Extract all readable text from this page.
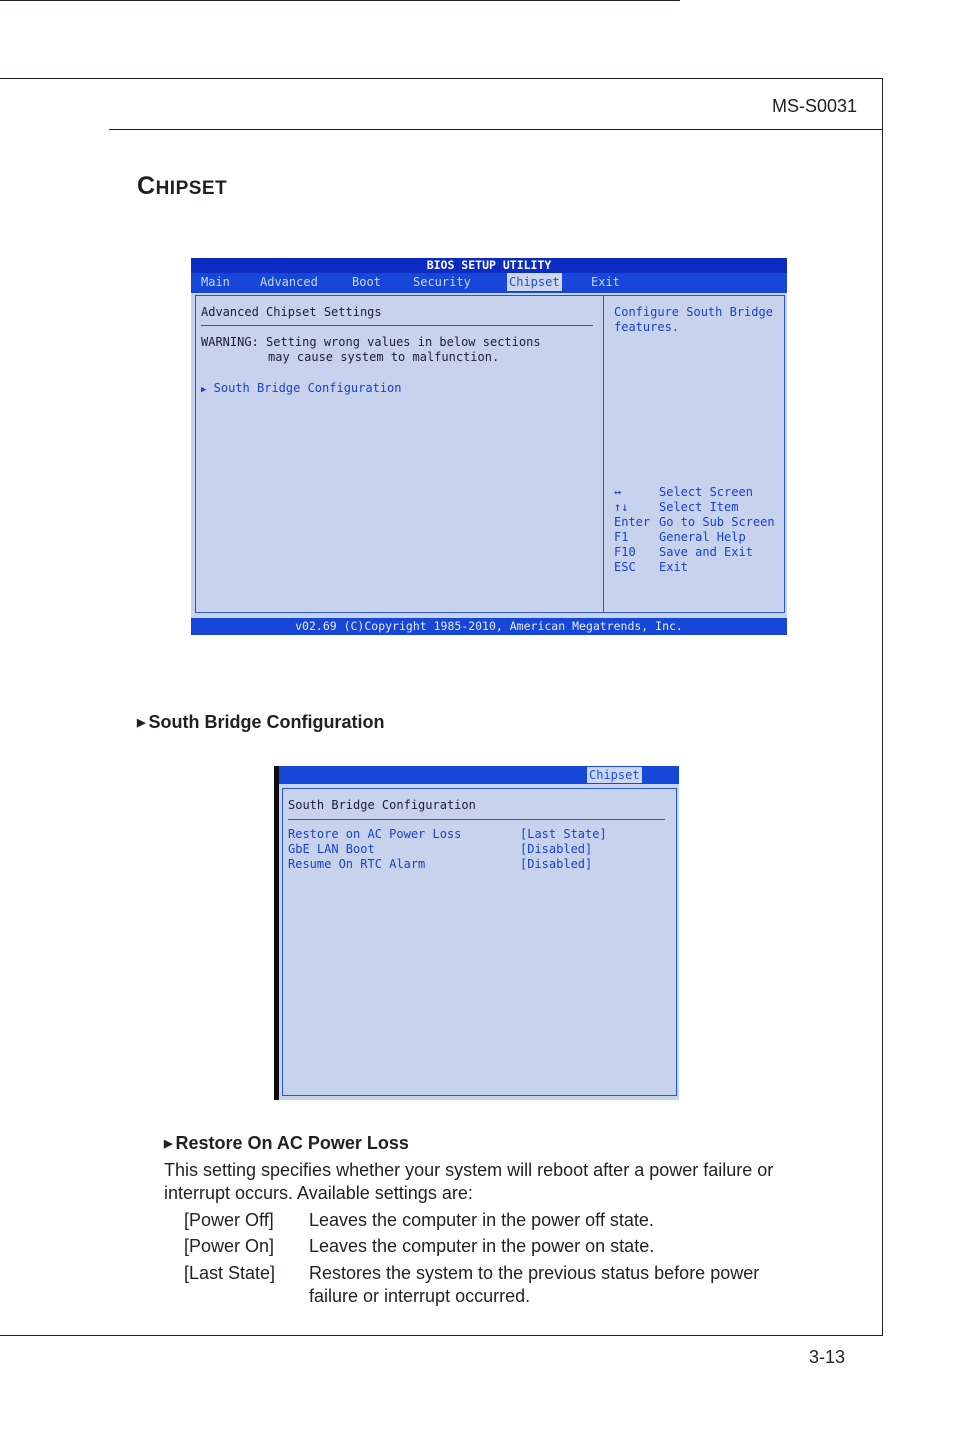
MS-S0031
CHIPSET
BIOS SETUP UTILITY
Main	Advanced	Boot	Security	Chipset	Exit
Advanced Chipset Settings
WARNING: Setting wrong values in below sections
may cause system to malfunction.
▶ South Bridge Configuration
Configure South Bridge
features.
↔	Select Screen
↑↓	Select Item
Enter Go to Sub Screen
F1	General Help
F10 Save and Exit
ESC Exit
v02.69 (C)Copyright 1985-2010, American Megatrends, Inc.
▶ South Bridge Configuration
Chipset
South Bridge Configuration
Restore on AC Power Loss	[Last State]
GbE LAN Boot	[Disabled]
Resume On RTC Alarm	[Disabled]
▶ Restore On AC Power Loss
This setting specifies whether your system will reboot after a power failure or
interrupt occurs. Available settings are:
[Power Off] Leaves the computer in the power off state.
[Power On] Leaves the computer in the power on state.
[Last State] Restores the system to the previous status before power
failure or interrupt occurred.
3-13
